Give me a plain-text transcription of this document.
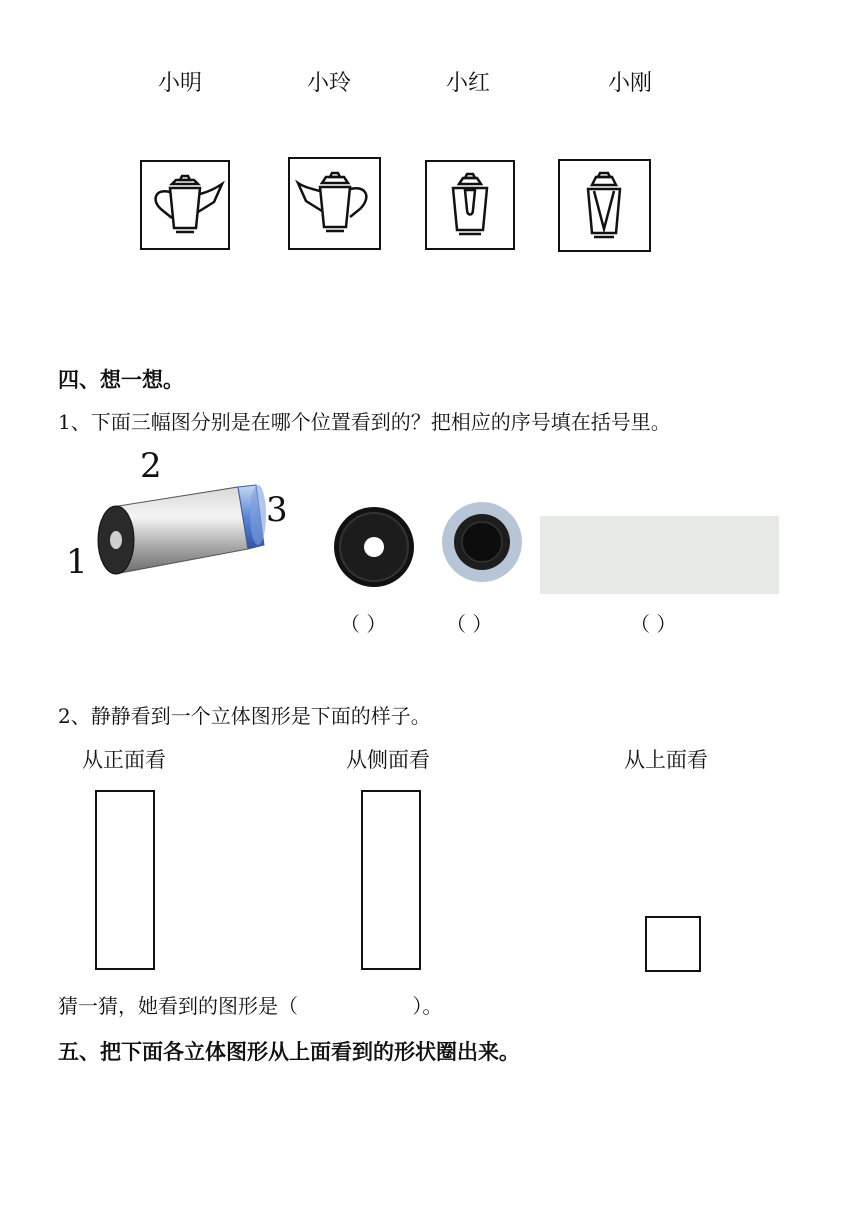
小明	小玲	小红	小刚
四、想一想。
1、下面三幅图分别是在哪个位置看到的？把相应的序号填在括号里。
1
2
3
（ ）	（ ）	（ ）
2、静静看到一个立体图形是下面的样子。
从正面看	从侧面看	从上面看
猜一猜，她看到的图形是（                  ）。
五、把下面各立体图形从上面看到的形状圈出来。
